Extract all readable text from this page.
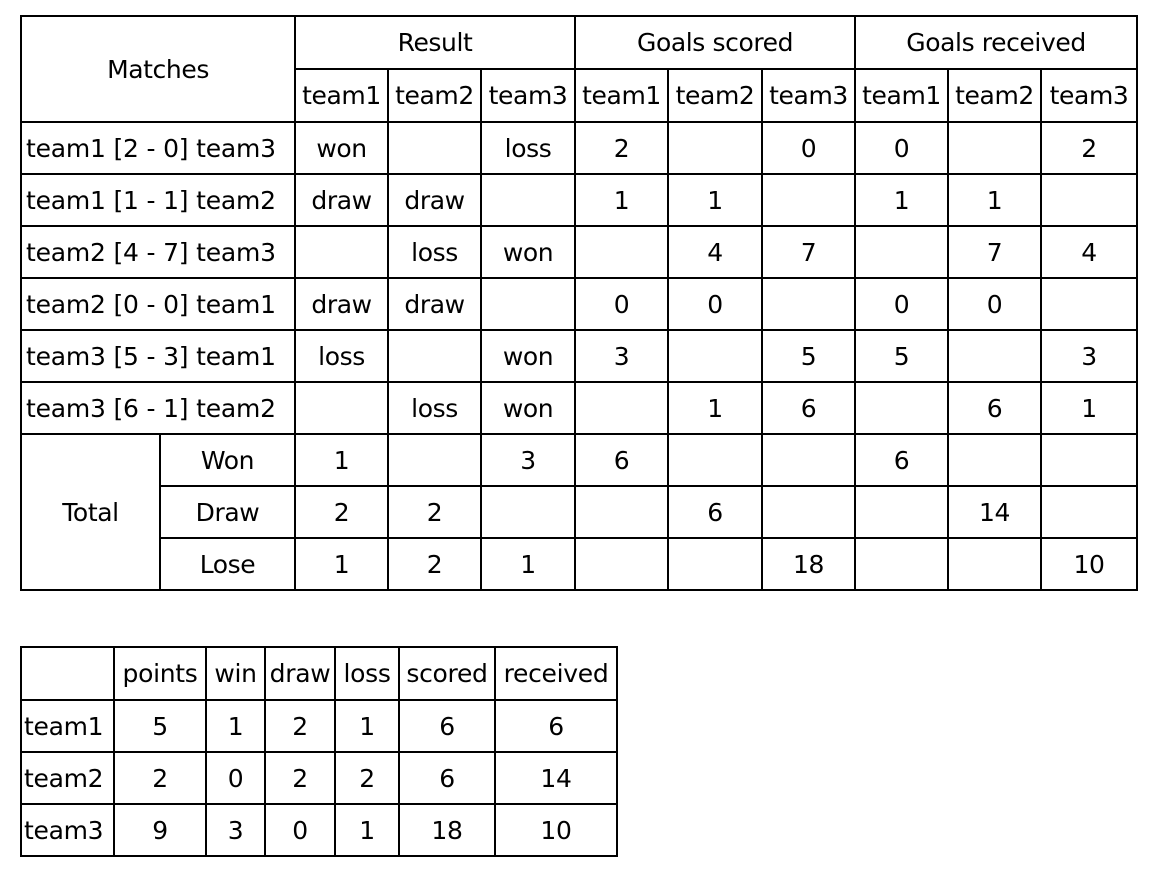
Matches		Result			Goals scored			Goals received		
		team1	team2	team3	team1	team2	team3	team1	team2	team3
team1 [2 - 0] team3		won		loss	2		0	0		2
team1 [1 - 1] team2		draw	draw		1	1		1	1	
team2 [4 - 7] team3			loss	won		4	7		7	4
team2 [0 - 0] team1		draw	draw		0	0		0	0	
team3 [5 - 3] team1		loss		won	3		5	5		3
team3 [6 - 1] team2			loss	won		1	6		6	1
Total	Won	1		3	6			6		
	Draw	2	2			6			14	
	Lose	1	2	1			18			10
	points	win	draw	loss	scored	received
team1	5	1	2	1	6	6
team2	2	0	2	2	6	14
team3	9	3	0	1	18	10
